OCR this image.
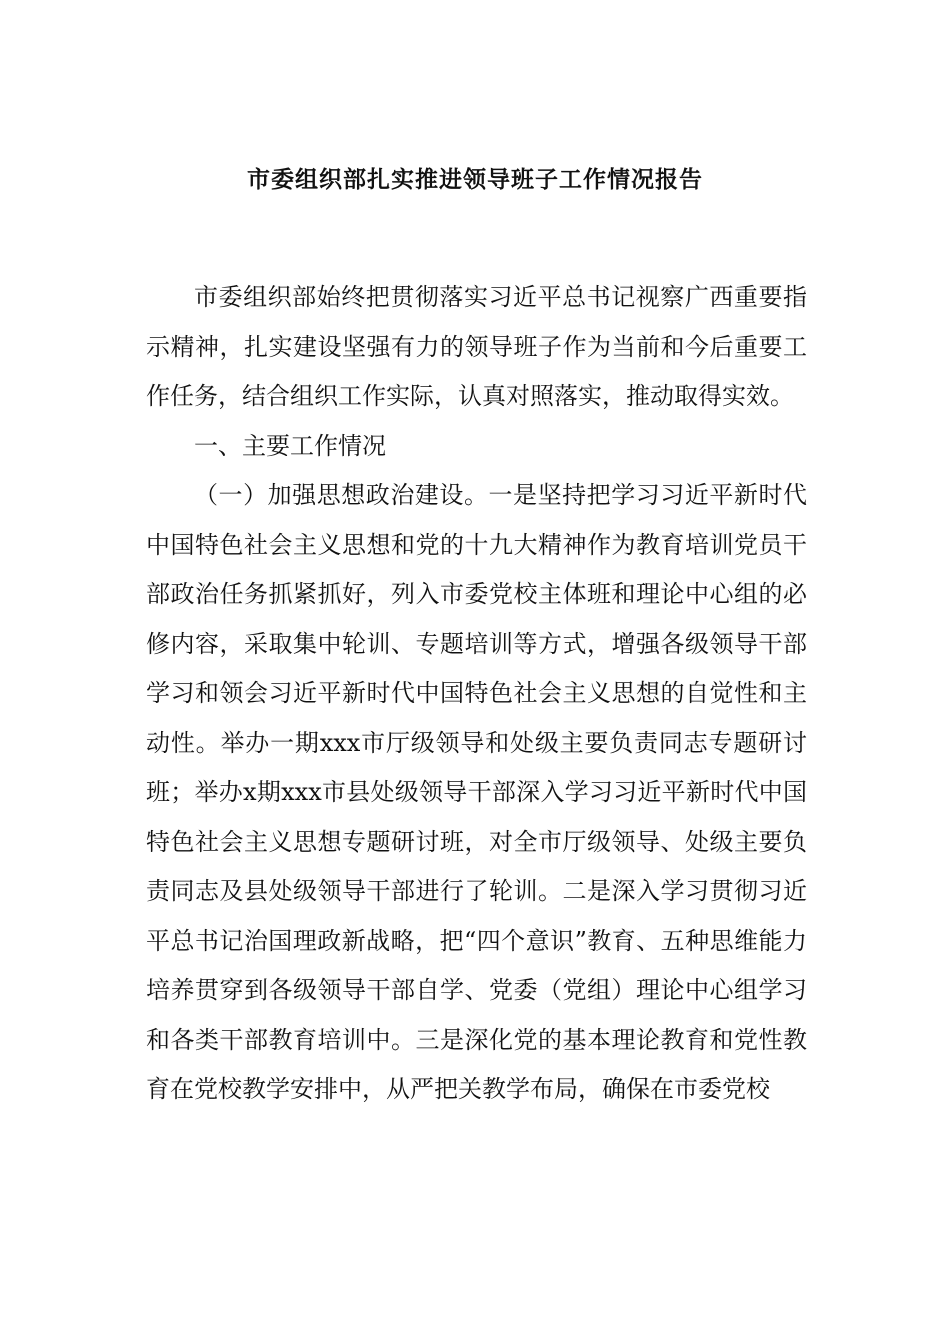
市委组织部扎实推进领导班子工作情况报告

市委组织部始终把贯彻落实习近平总书记视察广西重要指示精神，扎实建设坚强有力的领导班子作为当前和今后重要工作任务，结合组织工作实际，认真对照落实，推动取得实效。

一、主要工作情况

（一）加强思想政治建设。一是坚持把学习习近平新时代中国特色社会主义思想和党的十九大精神作为教育培训党员干部政治任务抓紧抓好，列入市委党校主体班和理论中心组的必修内容，采取集中轮训、专题培训等方式，增强各级领导干部学习和领会习近平新时代中国特色社会主义思想的自觉性和主动性。举办一期xxx市厅级领导和处级主要负责同志专题研讨班；举办x期xxx市县处级领导干部深入学习习近平新时代中国特色社会主义思想专题研讨班，对全市厅级领导、处级主要负责同志及县处级领导干部进行了轮训。二是深入学习贯彻习近平总书记治国理政新战略，把“四个意识”教育、五种思维能力培养贯穿到各级领导干部自学、党委（党组）理论中心组学习和各类干部教育培训中。三是深化党的基本理论教育和党性教育在党校教学安排中，从严把关教学布局，确保在市委党校
